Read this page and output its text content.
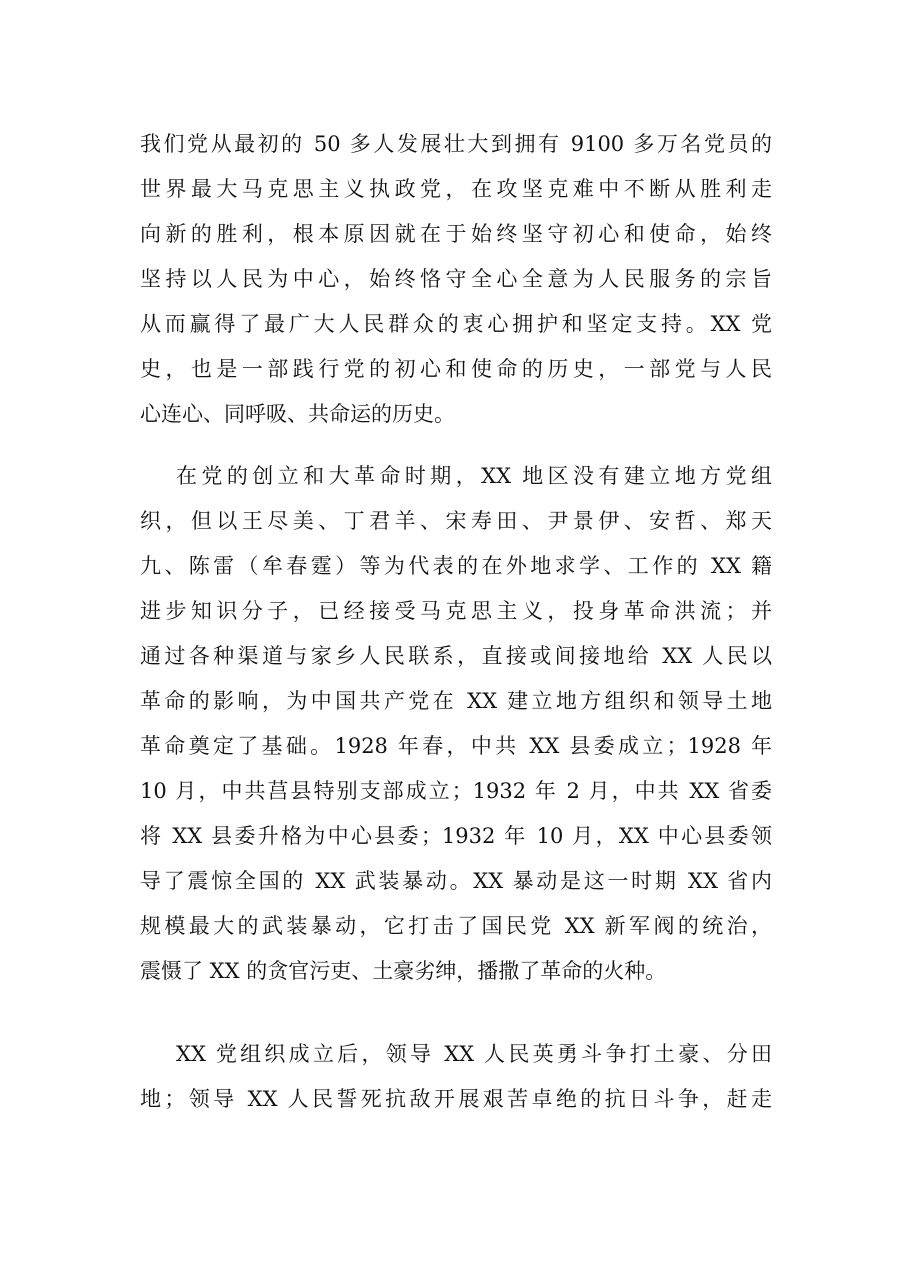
我们党从最初的 50 多人发展壮大到拥有 9100 多万名党员的
世界最大马克思主义执政党，在攻坚克难中不断从胜利走
向新的胜利，根本原因就在于始终坚守初心和使命，始终
坚持以人民为中心，始终恪守全心全意为人民服务的宗旨
从而赢得了最广大人民群众的衷心拥护和坚定支持。XX 党
史，也是一部践行党的初心和使命的历史，一部党与人民
心连心、同呼吸、共命运的历史。
在党的创立和大革命时期，XX 地区没有建立地方党组
织，但以王尽美、丁君羊、宋寿田、尹景伊、安哲、郑天
九、陈雷（牟春霆）等为代表的在外地求学、工作的 XX 籍
进步知识分子，已经接受马克思主义，投身革命洪流；并
通过各种渠道与家乡人民联系，直接或间接地给 XX 人民以
革命的影响，为中国共产党在 XX 建立地方组织和领导土地
革命奠定了基础。1928 年春，中共 XX 县委成立；1928 年
10 月，中共莒县特别支部成立；1932 年 2 月，中共 XX 省委
将 XX 县委升格为中心县委；1932 年 10 月，XX 中心县委领
导了震惊全国的 XX 武装暴动。XX 暴动是这一时期 XX 省内
规模最大的武装暴动，它打击了国民党 XX 新军阀的统治，
震慑了 XX 的贪官污吏、土豪劣绅，播撒了革命的火种。
XX 党组织成立后，领导 XX 人民英勇斗争打土豪、分田
地；领导 XX 人民誓死抗敌开展艰苦卓绝的抗日斗争，赶走
